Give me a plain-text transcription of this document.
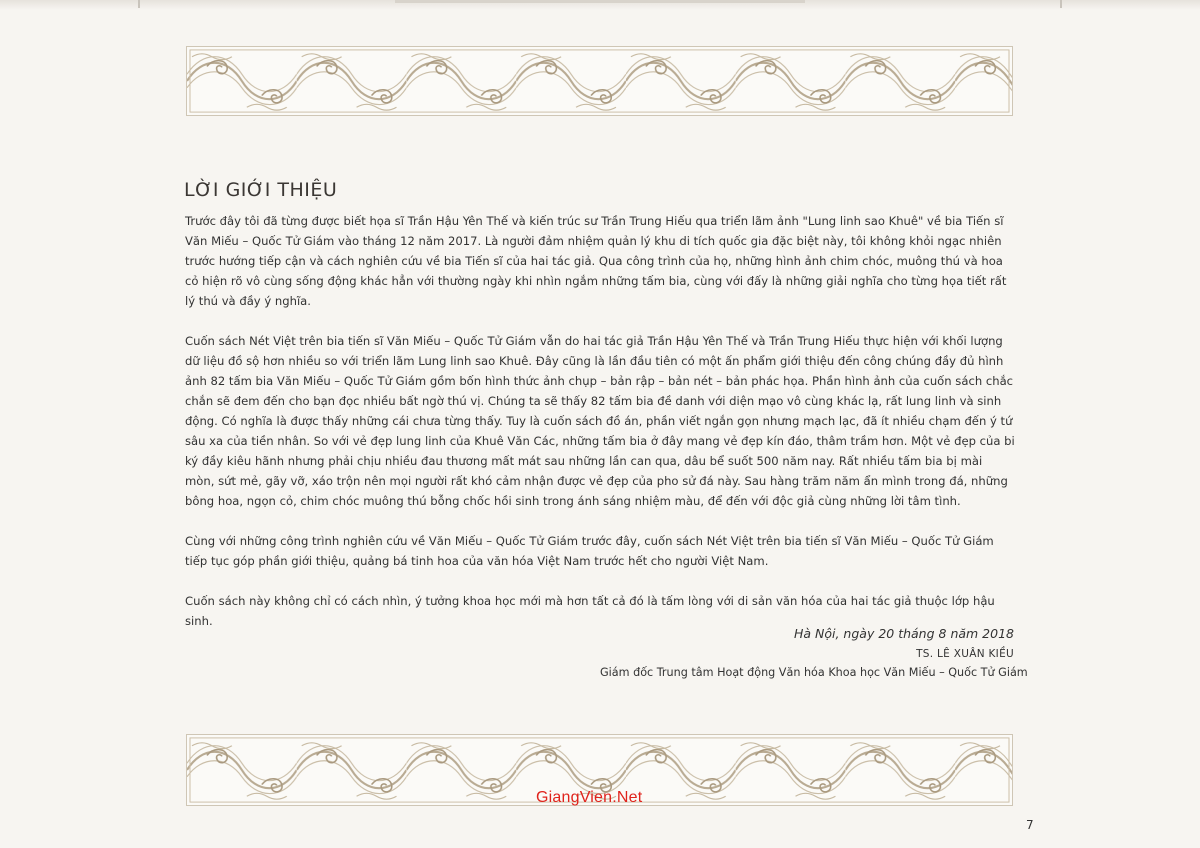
LỜI GIỚI THIỆU

Trước đây tôi đã từng được biết họa sĩ Trần Hậu Yên Thế và kiến trúc sư Trần Trung Hiếu qua triển lãm ảnh "Lung linh sao Khuê" về bia Tiến sĩ Văn Miếu – Quốc Tử Giám vào tháng 12 năm 2017. Là người đảm nhiệm quản lý khu di tích quốc gia đặc biệt này, tôi không khỏi ngạc nhiên trước hướng tiếp cận và cách nghiên cứu về bia Tiến sĩ của hai tác giả. Qua công trình của họ, những hình ảnh chim chóc, muông thú và hoa cỏ hiện rõ vô cùng sống động khác hẳn với thường ngày khi nhìn ngắm những tấm bia, cùng với đấy là những giải nghĩa cho từng họa tiết rất lý thú và đầy ý nghĩa.

Cuốn sách Nét Việt trên bia tiến sĩ Văn Miếu – Quốc Tử Giám vẫn do hai tác giả Trần Hậu Yên Thế và Trần Trung Hiếu thực hiện với khối lượng dữ liệu đồ sộ hơn nhiều so với triển lãm Lung linh sao Khuê. Đây cũng là lần đầu tiên có một ấn phẩm giới thiệu đến công chúng đầy đủ hình ảnh 82 tấm bia Văn Miếu – Quốc Tử Giám gồm bốn hình thức ảnh chụp – bản rập – bản nét – bản phác họa. Phần hình ảnh của cuốn sách chắc chắn sẽ đem đến cho bạn đọc nhiều bất ngờ thú vị. Chúng ta sẽ thấy 82 tấm bia đề danh với diện mạo vô cùng khác lạ, rất lung linh và sinh động. Có nghĩa là được thấy những cái chưa từng thấy. Tuy là cuốn sách đồ án, phần viết ngắn gọn nhưng mạch lạc, đã ít nhiều chạm đến ý tứ sâu xa của tiền nhân. So với vẻ đẹp lung linh của Khuê Văn Các, những tấm bia ở đây mang vẻ đẹp kín đáo, thâm trầm hơn. Một vẻ đẹp của bi ký đầy kiêu hãnh nhưng phải chịu nhiều đau thương mất mát sau những lần can qua, dâu bể suốt 500 năm nay. Rất nhiều tấm bia bị mài mòn, sứt mẻ, gãy vỡ, xáo trộn nên mọi người rất khó cảm nhận được vẻ đẹp của pho sử đá này. Sau hàng trăm năm ẩn mình trong đá, những bông hoa, ngọn cỏ, chim chóc muông thú bỗng chốc hồi sinh trong ánh sáng nhiệm màu, để đến với độc giả cùng những lời tâm tình.

Cùng với những công trình nghiên cứu về Văn Miếu – Quốc Tử Giám trước đây, cuốn sách Nét Việt trên bia tiến sĩ Văn Miếu – Quốc Tử Giám tiếp tục góp phần giới thiệu, quảng bá tinh hoa của văn hóa Việt Nam trước hết cho người Việt Nam.

Cuốn sách này không chỉ có cách nhìn, ý tưởng khoa học mới mà hơn tất cả đó là tấm lòng với di sản văn hóa của hai tác giả thuộc lớp hậu sinh.

Hà Nội, ngày 20 tháng 8 năm 2018
TS. LÊ XUÂN KIỀU
Giám đốc Trung tâm Hoạt động Văn hóa Khoa học Văn Miếu – Quốc Tử Giám
GiangVien.Net
7
